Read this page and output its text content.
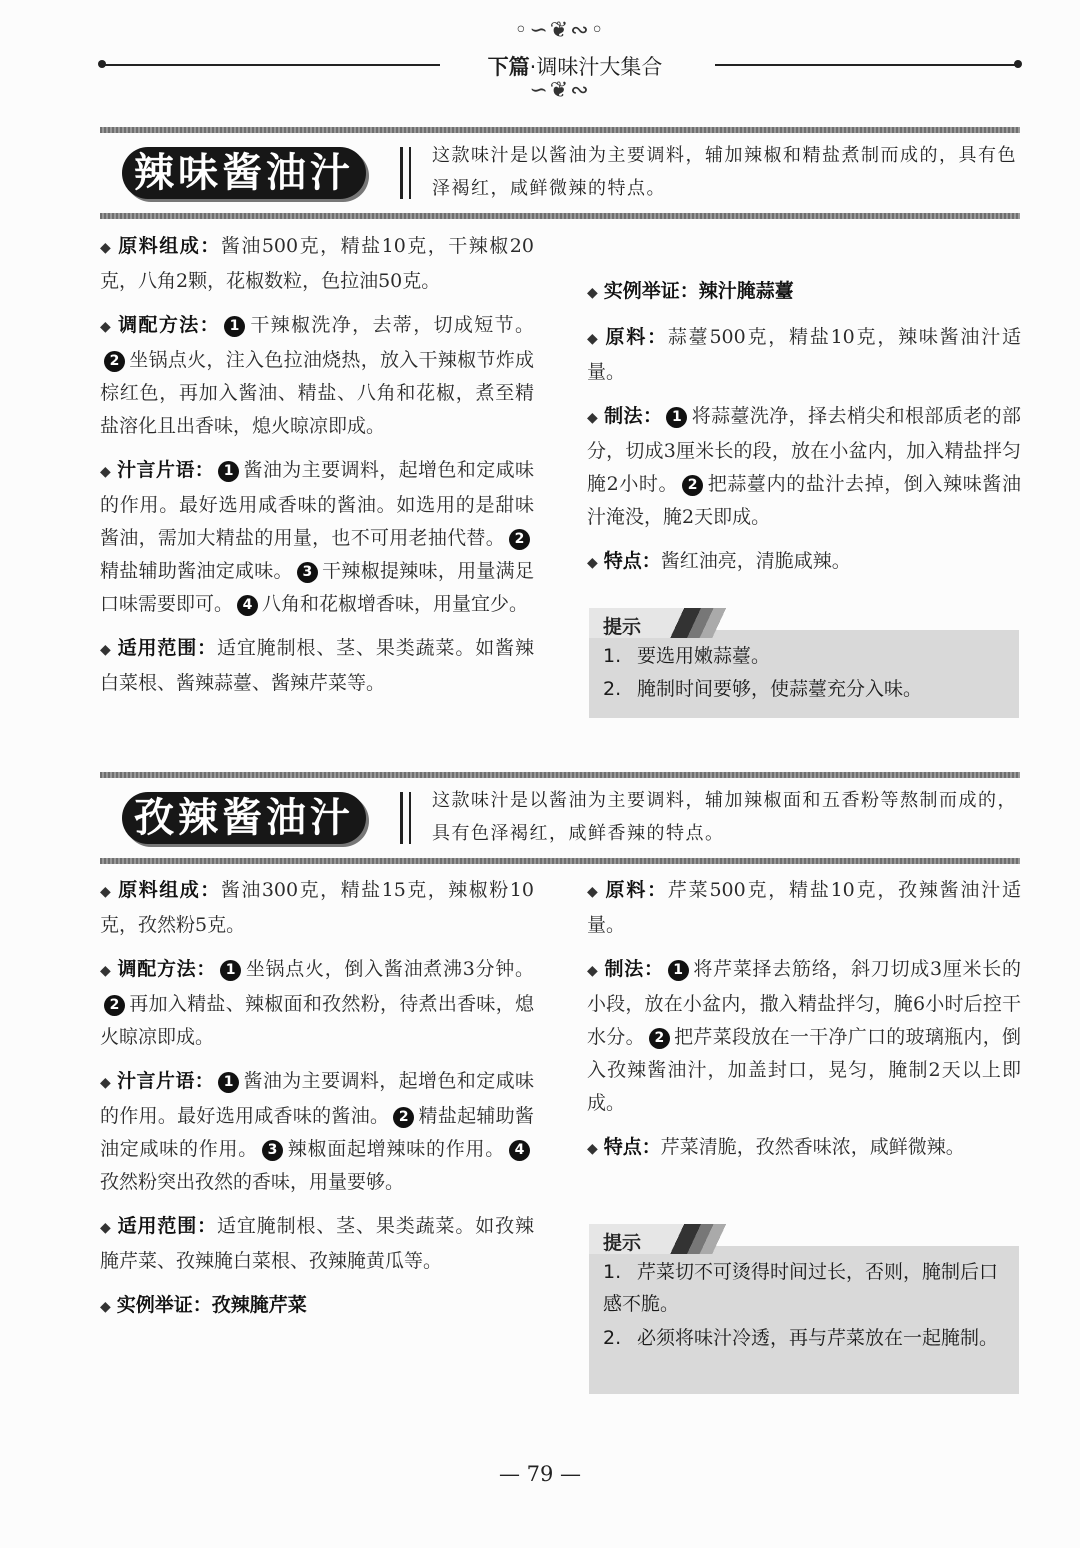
◦∽❦∾◦
下篇·调味汁大集合
∽❦∾
辣味酱油汁	这款味汁是以酱油为主要调料，辅加辣椒和精盐煮制而成的，具有色泽褐红，咸鲜微辣的特点。

◆ 原料组成：酱油500克，精盐10克，干辣椒20克，八角2颗，花椒数粒，色拉油50克。

◆ 调配方法： 1 干辣椒洗净，去蒂，切成短节。2 坐锅点火，注入色拉油烧热，放入干辣椒节炸成棕红色，再加入酱油、精盐、八角和花椒，煮至精盐溶化且出香味，熄火晾凉即成。

◆ 汁言片语： 1 酱油为主要调料，起增色和定咸味的作用。最好选用咸香味的酱油。如选用的是甜味酱油，需加大精盐的用量，也不可用老抽代替。 2精盐辅助酱油定咸味。 3 干辣椒提辣味，用量满足口味需要即可。 4 八角和花椒增香味，用量宜少。

◆ 适用范围：适宜腌制根、茎、果类蔬菜。如酱辣白菜根、酱辣蒜薹、酱辣芹菜等。

◆ 实例举证：辣汁腌蒜薹

◆ 原料：蒜薹500克，精盐10克，辣味酱油汁适量。

◆ 制法： 1 将蒜薹洗净，择去梢尖和根部质老的部分，切成3厘米长的段，放在小盆内，加入精盐拌匀腌2小时。 2 把蒜薹内的盐汁去掉，倒入辣味酱油汁淹没，腌2天即成。

◆ 特点：酱红油亮，清脆咸辣。

提示
1. 要选用嫩蒜薹。
2. 腌制时间要够，使蒜薹充分入味。
孜辣酱油汁	这款味汁是以酱油为主要调料，辅加辣椒面和五香粉等熬制而成的，具有色泽褐红，咸鲜香辣的特点。

◆ 原料组成：酱油300克，精盐15克，辣椒粉10克，孜然粉5克。

◆ 调配方法： 1 坐锅点火，倒入酱油煮沸3分钟。2 再加入精盐、辣椒面和孜然粉，待煮出香味，熄火晾凉即成。

◆ 汁言片语： 1 酱油为主要调料，起增色和定咸味的作用。最好选用咸香味的酱油。 2 精盐起辅助酱油定咸味的作用。 3 辣椒面起增辣味的作用。 4孜然粉突出孜然的香味，用量要够。

◆ 适用范围：适宜腌制根、茎、果类蔬菜。如孜辣腌芹菜、孜辣腌白菜根、孜辣腌黄瓜等。

◆ 实例举证：孜辣腌芹菜

◆ 原料：芹菜500克，精盐10克，孜辣酱油汁适量。

◆ 制法： 1 将芹菜择去筋络，斜刀切成3厘米长的小段，放在小盆内，撒入精盐拌匀，腌6小时后控干水分。 2 把芹菜段放在一干净广口的玻璃瓶内，倒入孜辣酱油汁，加盖封口，晃匀，腌制2天以上即成。

◆ 特点：芹菜清脆，孜然香味浓，咸鲜微辣。

提示
1. 芹菜切不可烫得时间过长，否则，腌制后口感不脆。
2. 必须将味汁冷透，再与芹菜放在一起腌制。
— 79 —
